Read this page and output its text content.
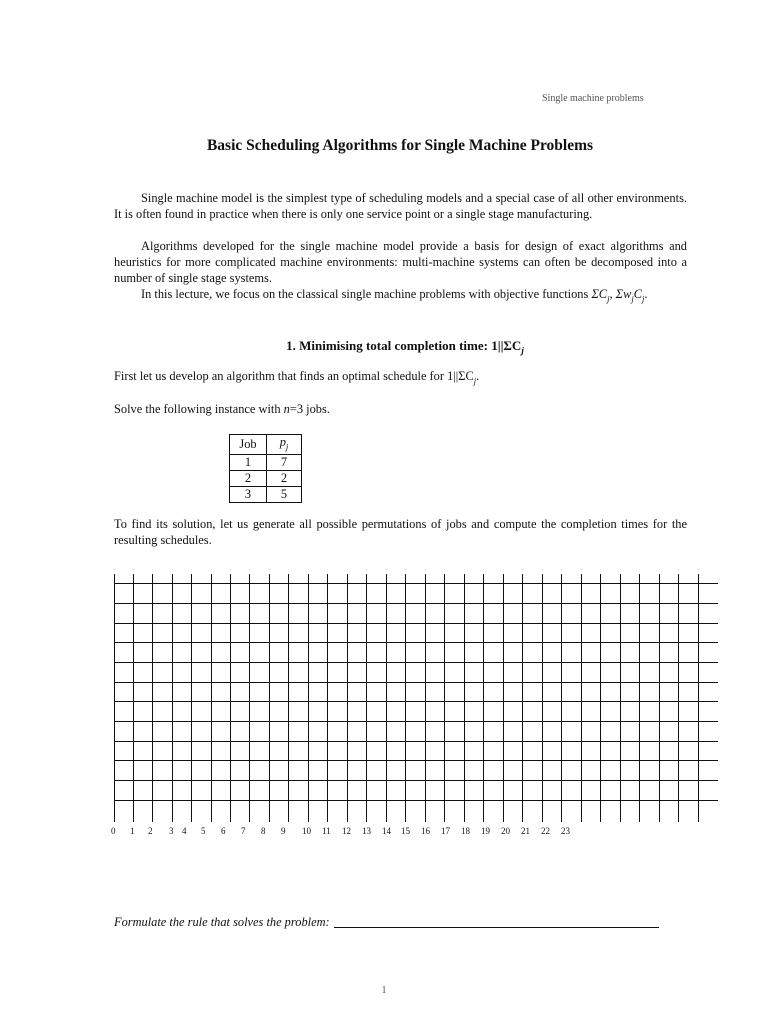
Single machine problems
Basic Scheduling Algorithms for Single Machine Problems
Single machine model is the simplest type of scheduling models and a special case of all other environments. It is often found in practice when there is only one service point or a single stage manufacturing.
Algorithms developed for the single machine model provide a basis for design of exact algorithms and heuristics for more complicated machine environments: multi-machine systems can often be decomposed into a number of single stage systems.
In this lecture, we focus on the classical single machine problems with objective functions $\Sigma C_j$, $\Sigma w_jC_j$.
1. Minimising total completion time: $1||\Sigma C_j$
First let us develop an algorithm that finds an optimal schedule for $1||\Sigma C_j$.
Solve the following instance with n=3 jobs.
Job	$p_j$
1	7
2	2
3	5
To find its solution, let us generate all possible permutations of jobs and compute the completion times for the resulting schedules.
0 1 2 3 4 5 6 7 8 9 10 11 12 13 14 15 16 17 18 19 20 21 22 23
Formulate the rule that solves the problem:
1
